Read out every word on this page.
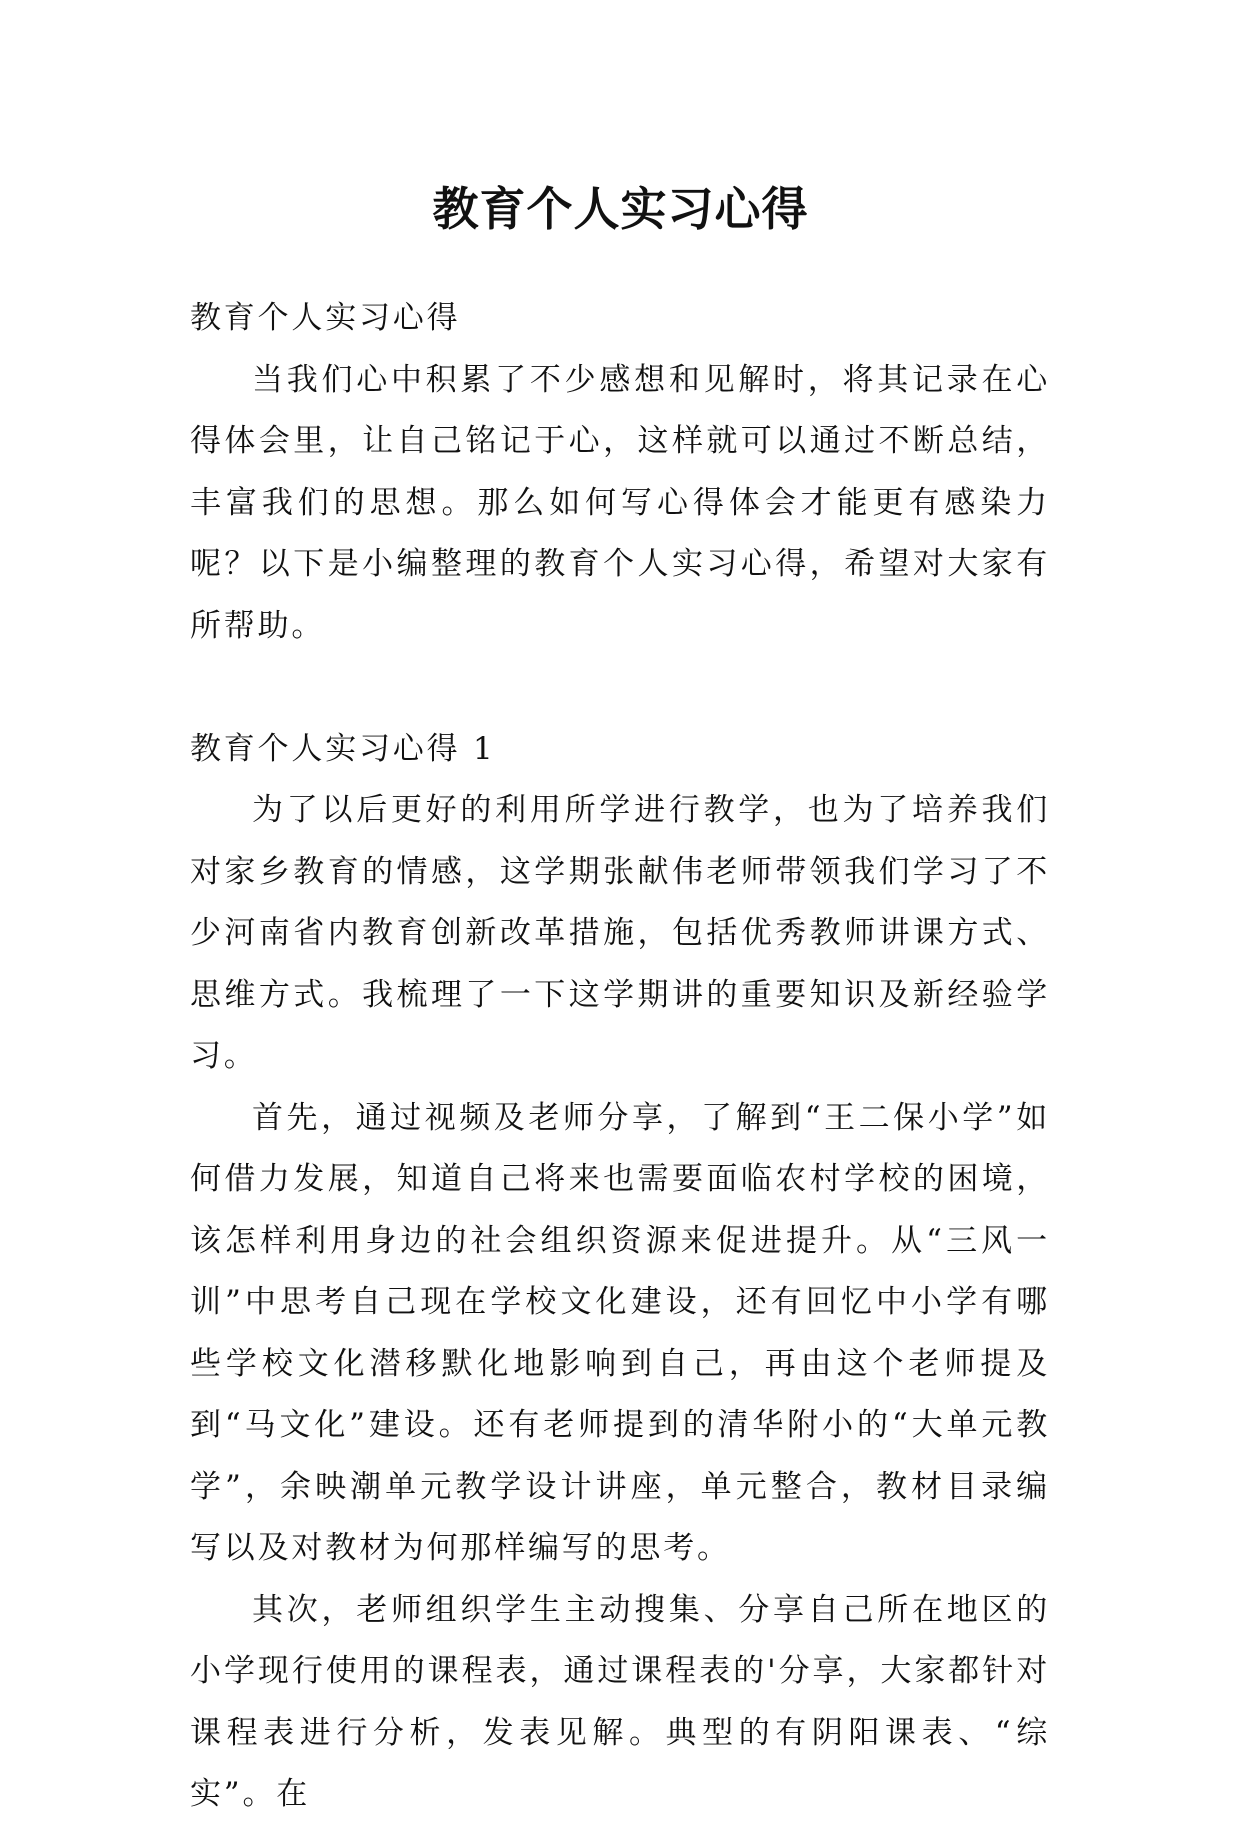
教育个人实习心得

教育个人实习心得

当我们心中积累了不少感想和见解时，将其记录在心得体会里，让自己铭记于心，这样就可以通过不断总结，丰富我们的思想。那么如何写心得体会才能更有感染力呢？以下是小编整理的教育个人实习心得，希望对大家有所帮助。

教育个人实习心得 1

为了以后更好的利用所学进行教学，也为了培养我们对家乡教育的情感，这学期张献伟老师带领我们学习了不少河南省内教育创新改革措施，包括优秀教师讲课方式、思维方式。我梳理了一下这学期讲的重要知识及新经验学习。

首先，通过视频及老师分享，了解到“王二保小学”如何借力发展，知道自己将来也需要面临农村学校的困境，该怎样利用身边的社会组织资源来促进提升。从“三风一训”中思考自己现在学校文化建设，还有回忆中小学有哪些学校文化潜移默化地影响到自己，再由这个老师提及到“马文化”建设。还有老师提到的清华附小的“大单元教学”，余映潮单元教学设计讲座，单元整合，教材目录编写以及对教材为何那样编写的思考。

其次，老师组织学生主动搜集、分享自己所在地区的小学现行使用的课程表，通过课程表的'分享，大家都针对课程表进行分析，发表见解。典型的有阴阳课表、“综实”。在
